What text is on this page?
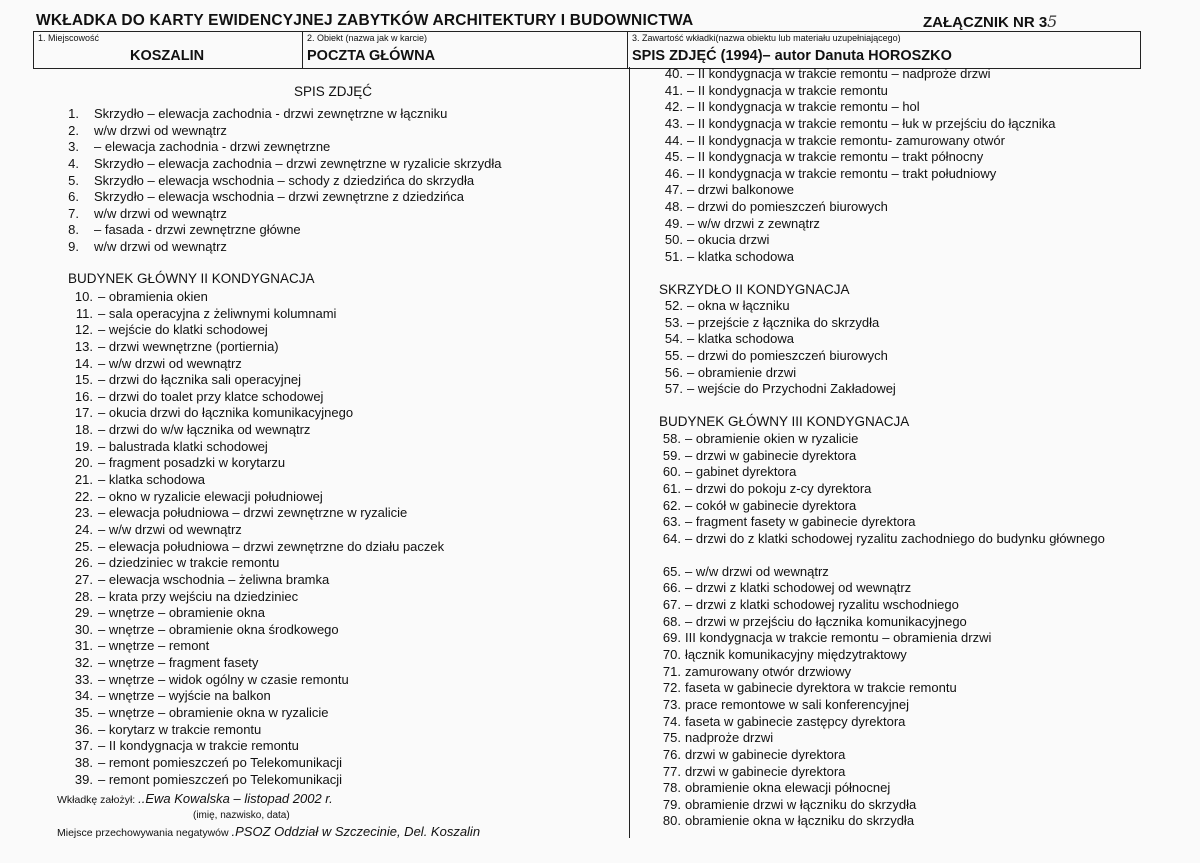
WKŁADKA DO KARTY EWIDENCYJNEJ ZABYTKÓW ARCHITEKTURY I BUDOWNICTWA	ZAŁĄCZNIK NR 35
1. Miejscowość
KOSZALIN
2. Obiekt (nazwa jak w karcie)
POCZTA GŁÓWNA
3. Zawartość wkładki(nazwa obiektu lub materiału uzupełniającego)
SPIS ZDJĘĆ (1994)– autor Danuta HOROSZKO
SPIS ZDJĘĆ
1. Skrzydło – elewacja zachodnia - drzwi zewnętrzne w łączniku
2. w/w drzwi od wewnątrz
3. – elewacja zachodnia - drzwi zewnętrzne
4. Skrzydło – elewacja zachodnia – drzwi zewnętrzne w ryzalicie skrzydła
5. Skrzydło – elewacja wschodnia – schody z dziedzińca do skrzydła
6. Skrzydło – elewacja wschodnia – drzwi zewnętrzne z dziedzińca
7. w/w drzwi od wewnątrz
8. – fasada - drzwi zewnętrzne główne
9. w/w drzwi od wewnątrz
BUDYNEK GŁÓWNY II KONDYGNACJA
10. – obramienia okien
11. – sala operacyjna z żeliwnymi kolumnami
12. – wejście do klatki schodowej
13. – drzwi wewnętrzne (portiernia)
14. – w/w drzwi od wewnątrz
15. – drzwi do łącznika sali operacyjnej
16. – drzwi do toalet przy klatce schodowej
17. – okucia drzwi do łącznika komunikacyjnego
18. – drzwi do w/w łącznika od wewnątrz
19. – balustrada klatki schodowej
20. – fragment posadzki w korytarzu
21. – klatka schodowa
22. – okno w ryzalicie elewacji południowej
23. – elewacja południowa – drzwi zewnętrzne w ryzalicie
24. – w/w drzwi od wewnątrz
25. – elewacja południowa – drzwi zewnętrzne do działu paczek
26. – dziedziniec w trakcie remontu
27. – elewacja wschodnia – żeliwna bramka
28. – krata przy wejściu na dziedziniec
29. – wnętrze – obramienie okna
30. – wnętrze – obramienie okna środkowego
31. – wnętrze – remont
32. – wnętrze – fragment fasety
33. – wnętrze – widok ogólny w czasie remontu
34. – wnętrze – wyjście na balkon
35. – wnętrze – obramienie okna w ryzalicie
36. – korytarz w trakcie remontu
37. – II kondygnacja w trakcie remontu
38. – remont pomieszczeń po Telekomunikacji
39. – remont pomieszczeń po Telekomunikacji
40. – II kondygnacja w trakcie remontu – nadproże drzwi
41. – II kondygnacja w trakcie remontu
42. – II kondygnacja w trakcie remontu – hol
43. – II kondygnacja w trakcie remontu – łuk w przejściu do łącznika
44. – II kondygnacja w trakcie remontu- zamurowany otwór
45. – II kondygnacja w trakcie remontu – trakt północny
46. – II kondygnacja w trakcie remontu – trakt południowy
47. – drzwi balkonowe
48. – drzwi do pomieszczeń biurowych
49. – w/w drzwi z zewnątrz
50. – okucia drzwi
51. – klatka schodowa
SKRZYDŁO II KONDYGNACJA
52. – okna w łączniku
53. – przejście z łącznika do skrzydła
54. – klatka schodowa
55. – drzwi do pomieszczeń biurowych
56. – obramienie drzwi
57. – wejście do Przychodni Zakładowej
BUDYNEK GŁÓWNY III KONDYGNACJA
58. – obramienie okien w ryzalicie
59. – drzwi w gabinecie dyrektora
60. – gabinet dyrektora
61. – drzwi do pokoju z-cy dyrektora
62. – cokół w gabinecie dyrektora
63. – fragment fasety w gabinecie dyrektora
64. – drzwi do z klatki schodowej ryzalitu zachodniego do budynku głównego
65. – w/w drzwi od wewnątrz
66. – drzwi z klatki schodowej od wewnątrz
67. – drzwi z klatki schodowej ryzalitu wschodniego
68. – drzwi w przejściu do łącznika komunikacyjnego
69. III kondygnacja w trakcie remontu – obramienia drzwi
70. łącznik komunikacyjny międzytraktowy
71. zamurowany otwór drzwiowy
72. faseta w gabinecie dyrektora w trakcie remontu
73. prace remontowe w sali konferencyjnej
74. faseta w gabinecie zastępcy dyrektora
75. nadproże drzwi
76. drzwi w gabinecie dyrektora
77. drzwi w gabinecie dyrektora
78. obramienie okna elewacji północnej
79. obramienie drzwi w łączniku do skrzydła
80. obramienie okna w łączniku do skrzydła
Wkładkę założył: ..Ewa Kowalska – listopad 2002 r.
(imię, nazwisko, data)
Miejsce przechowywania negatywów .PSOZ Oddział w Szczecinie, Del. Koszalin
